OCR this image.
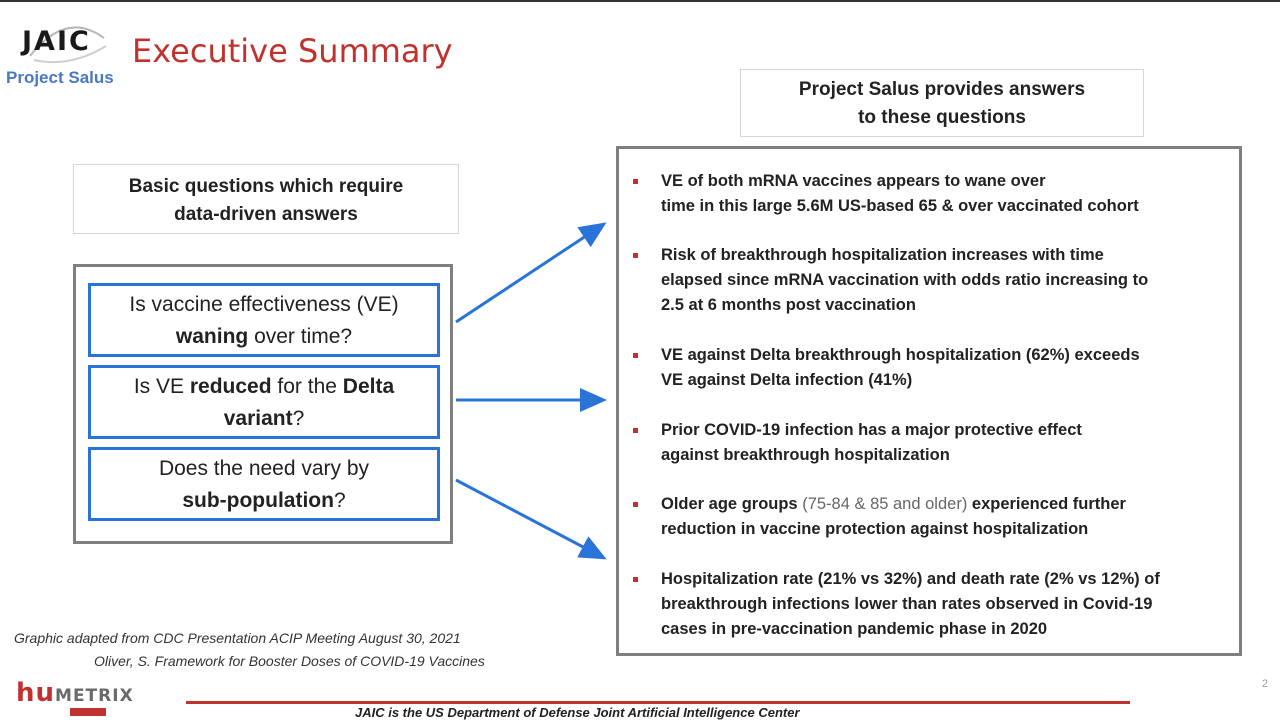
JAIC
Project Salus
Executive Summary
Basic questions which require
data-driven answers
Project Salus provides answers
to these questions
Is vaccine effectiveness (VE)
waning over time?
Is VE reduced for the Delta
variant?
Does the need vary by
sub-population?
VE of both mRNA vaccines appears to wane over
time in this large 5.6M US-based 65 & over vaccinated cohort
Risk of breakthrough hospitalization increases with time
elapsed since mRNA vaccination with odds ratio increasing to
2.5 at 6 months post vaccination
VE against Delta breakthrough hospitalization (62%) exceeds
VE against Delta infection (41%)
Prior COVID-19 infection has a major protective effect
against breakthrough hospitalization
Older age groups (75-84 & 85 and older) experienced further
reduction in vaccine protection against hospitalization
Hospitalization rate (21% vs 32%) and death rate (2% vs 12%) of
breakthrough infections lower than rates observed in Covid-19
cases in pre-vaccination pandemic phase in 2020
Graphic adapted from CDC Presentation ACIP Meeting August 30, 2021
Oliver, S. Framework for Booster Doses of COVID-19 Vaccines
huMETRIX
JAIC is the US Department of Defense Joint Artificial Intelligence Center
2
